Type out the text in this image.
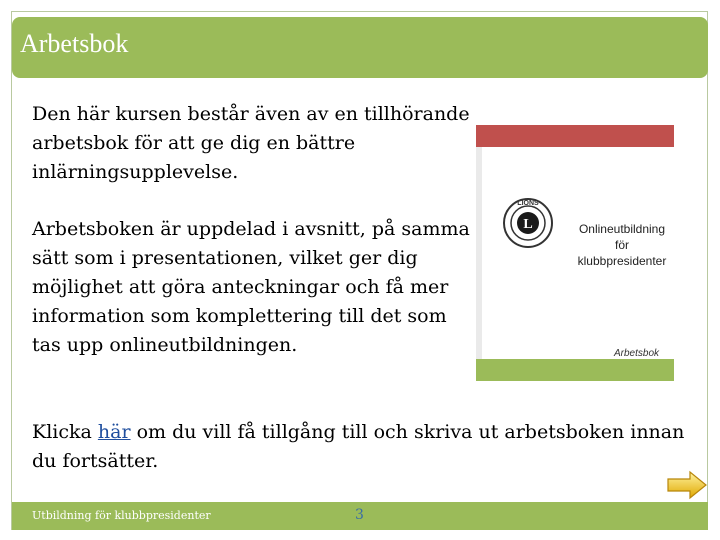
Arbetsbok
Den här kursen består även av en tillhörande arbetsbok för att ge dig en bättre inlärningsupplevelse.
Arbetsboken är uppdelad i avsnitt, på samma sätt som i presentationen, vilket ger dig möjlighet att göra anteckningar och få mer information som komplettering till det som tas upp onlineutbildningen.
Klicka här om du vill få tillgång till och skriva ut arbetsboken innan du fortsätter.
L
LIONS
Onlineutbildning
för
klubbpresidenter
Arbetsbok
Utbildning för klubbpresidenter	3
